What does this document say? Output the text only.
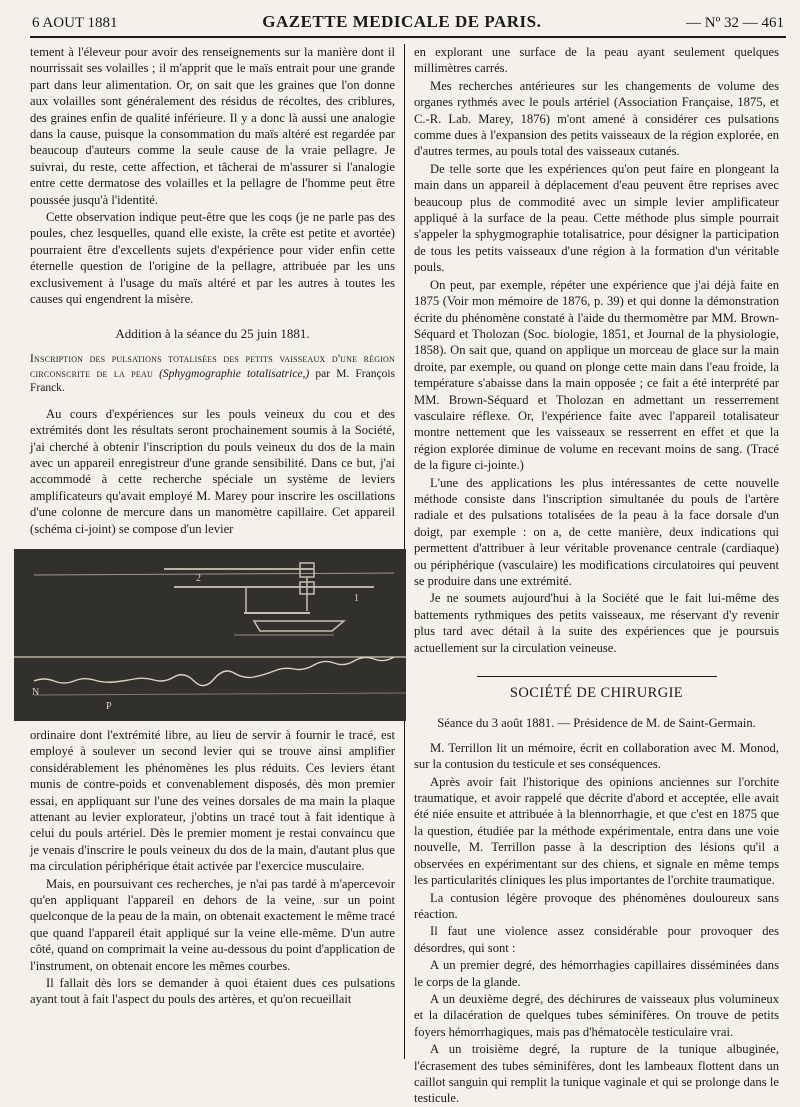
6 AOUT 1881	GAZETTE MEDICALE DE PARIS.	— Nº 32 — 461

tement à l'éleveur pour avoir des renseignements sur la manière dont il nourrissait ses volailles ; il m'apprit que le maïs entrait pour une grande part dans leur alimentation. Or, on sait que les graines que l'on donne aux volailles sont généralement des résidus de récoltes, des criblures, des graines enfin de qualité inférieure. Il y a donc là aussi une analogie dans la cause, puisque la consommation du maïs altéré est regardée par beaucoup d'auteurs comme la seule cause de la vraie pellagre. Je suivrai, du reste, cette affection, et tâcherai de m'assurer si l'analogie entre cette dermatose des volailles et la pellagre de l'homme peut être poussée jusqu'à l'identité.

Cette observation indique peut-être que les coqs (je ne parle pas des poules, chez lesquelles, quand elle existe, la crête est petite et avortée) pourraient être d'excellents sujets d'expérience pour vider enfin cette éternelle question de l'origine de la pellagre, attribuée par les uns exclusivement à l'usage du maïs altéré et par les autres à toutes les causes qui engendrent la misère.

Addition à la séance du 25 juin 1881.

Inscription des pulsations totalisées des petits vaisseaux d'une région circonscrite de la peau (Sphygmographie totalisatrice,) par M. François Franck.

Au cours d'expériences sur les pouls veineux du cou et des extrémités dont les résultats seront prochainement soumis à la Société, j'ai cherché à obtenir l'inscription du pouls veineux du dos de la main avec un appareil enregistreur d'une grande sensibilité. Dans ce but, j'ai accommodé à cette recherche spéciale un système de leviers amplificateurs qu'avait employé M. Marey pour inscrire les oscillations d'une colonne de mercure dans un manomètre capillaire. Cet appareil (schéma ci-joint) se compose d'un levier

2
1
N
P

ordinaire dont l'extrémité libre, au lieu de servir à fournir le tracé, est employé à soulever un second levier qui se trouve ainsi amplifier considérablement les phénomènes les plus réduits. Ces leviers étant munis de contre-poids et convenablement disposés, dès mon premier essai, en appliquant sur l'une des veines dorsales de ma main la plaque attenant au levier explorateur, j'obtins un tracé tout à fait identique à celui du pouls artériel. Dès le premier moment je restai convaincu que je venais d'inscrire le pouls veineux du dos de la main, d'autant plus que ma circulation périphérique était activée par l'exercice musculaire.

Mais, en poursuivant ces recherches, je n'ai pas tardé à m'apercevoir qu'en appliquant l'appareil en dehors de la veine, sur un point quelconque de la peau de la main, on obtenait exactement le même tracé que quand l'appareil était appliqué sur la veine elle-même. D'un autre côté, quand on comprimait la veine au-dessous du point d'application de l'instrument, on obtenait encore les mêmes courbes.

Il fallait dès lors se demander à quoi étaient dues ces pulsations ayant tout à fait l'aspect du pouls des artères, et qu'on recueillait

en explorant une surface de la peau ayant seulement quelques millimètres carrés.

Mes recherches antérieures sur les changements de volume des organes rythmés avec le pouls artériel (Association Française, 1875, et C.-R. Lab. Marey, 1876) m'ont amené à considérer ces pulsations comme dues à l'expansion des petits vaisseaux de la région explorée, en d'autres termes, au pouls total des vaisseaux cutanés.

De telle sorte que les expériences qu'on peut faire en plongeant la main dans un appareil à déplacement d'eau peuvent être reprises avec beaucoup plus de commodité avec un simple levier amplificateur appliqué à la surface de la peau. Cette méthode plus simple pourrait s'appeler la sphygmographie totalisatrice, pour désigner la participation de tous les petits vaisseaux d'une région à la formation d'un véritable pouls.

On peut, par exemple, répéter une expérience que j'ai déjà faite en 1875 (Voir mon mémoire de 1876, p. 39) et qui donne la démonstration écrite du phénomène constaté à l'aide du thermomètre par MM. Brown-Séquard et Tholozan (Soc. biologie, 1851, et Journal de la physiologie, 1858). On sait que, quand on applique un morceau de glace sur la main droite, par exemple, ou quand on plonge cette main dans l'eau froide, la température s'abaisse dans la main opposée ; ce fait a été interprété par MM. Brown-Séquard et Tholozan en admettant un resserrement vasculaire réflexe. Or, l'expérience faite avec l'appareil totalisateur montre nettement que les vaisseaux se resserrent en effet et que la région explorée diminue de volume en recevant moins de sang. (Tracé de la figure ci-jointe.)

L'une des applications les plus intéressantes de cette nouvelle méthode consiste dans l'inscription simultanée du pouls de l'artère radiale et des pulsations totalisées de la peau à la face dorsale d'un doigt, par exemple : on a, de cette manière, deux indications qui permettent d'attribuer à leur véritable provenance centrale (cardiaque) ou périphérique (vasculaire) les modifications circulatoires qui peuvent se produire dans une extrémité.

Je ne soumets aujourd'hui à la Société que le fait lui-même des battements rythmiques des petits vaisseaux, me réservant d'y revenir plus tard avec détail à la suite des expériences que je poursuis actuellement sur la circulation veineuse.

SOCIÉTÉ DE CHIRURGIE

Séance du 3 août 1881. — Présidence de M. de Saint-Germain.

M. Terrillon lit un mémoire, écrit en collaboration avec M. Monod, sur la contusion du testicule et ses conséquences.

Après avoir fait l'historique des opinions anciennes sur l'orchite traumatique, et avoir rappelé que décrite d'abord et acceptée, elle avait été niée ensuite et attribuée à la blennorrhagie, et que c'est en 1875 que la question, étudiée par la méthode expérimentale, entra dans une voie nouvelle, M. Terrillon passe à la description des lésions qu'il a observées en expérimentant sur des chiens, et signale en même temps les particularités cliniques les plus importantes de l'orchite traumatique.

La contusion légère provoque des phénomènes douloureux sans réaction.

Il faut une violence assez considérable pour provoquer des désordres, qui sont :

A un premier degré, des hémorrhagies capillaires disséminées dans le corps de la glande.

A un deuxième degré, des déchirures de vaisseaux plus volumineux et la dilacération de quelques tubes séminifères. On trouve de petits foyers hémorrhagiques, mais pas d'hématocèle testiculaire vrai.

A un troisième degré, la rupture de la tunique albuginée, l'écrasement des tubes séminifères, dont les lambeaux flottent dans un caillot sanguin qui remplit la tunique vaginale et qui se prolonge dans le testicule.
